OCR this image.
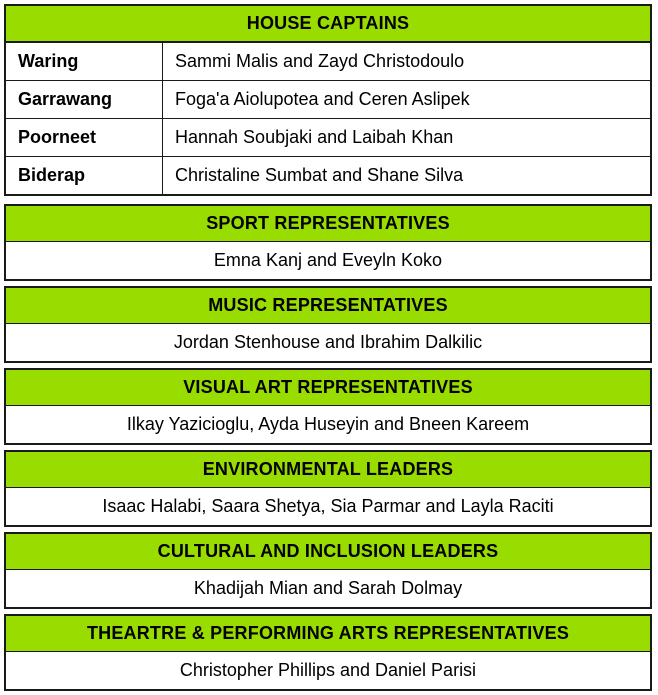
HOUSE CAPTAINS
Waring	Sammi Malis and Zayd Christodoulo
Garrawang	Foga'a Aiolupotea and Ceren Aslipek
Poorneet	Hannah Soubjaki and Laibah Khan
Biderap	Christaline Sumbat and Shane Silva
SPORT REPRESENTATIVES
Emna Kanj and Eveyln Koko
MUSIC REPRESENTATIVES
Jordan Stenhouse and Ibrahim Dalkilic
VISUAL ART REPRESENTATIVES
Ilkay Yazicioglu, Ayda Huseyin and Bneen Kareem
ENVIRONMENTAL LEADERS
Isaac Halabi, Saara Shetya, Sia Parmar and Layla Raciti
CULTURAL AND INCLUSION LEADERS
Khadijah Mian and Sarah Dolmay
THEARTRE & PERFORMING ARTS REPRESENTATIVES
Christopher Phillips and Daniel Parisi
